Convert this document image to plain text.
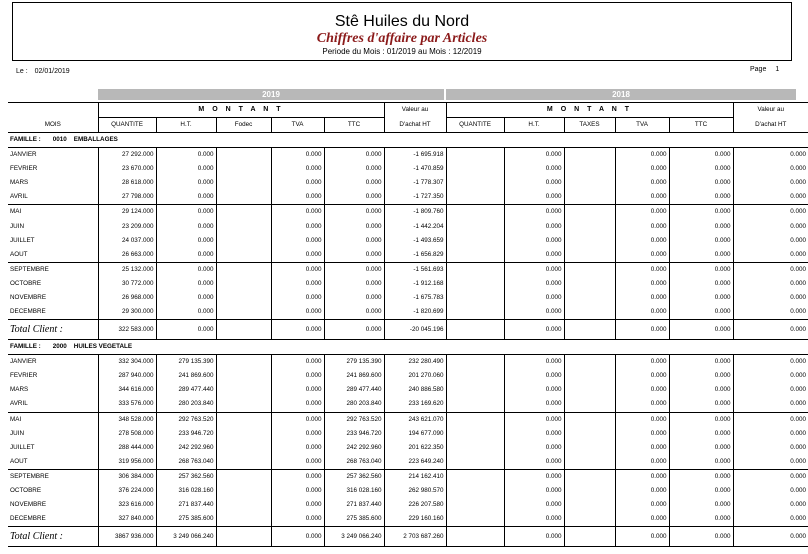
Stê Huiles du Nord
Chiffres d'affaire par Articles
Periode du Mois : 01/2019 au Mois : 12/2019
Le : 02/01/2019	Page 1
2019	2018
	M O N T A N T					Valeur au	M O N T A N T					Valeur au
MOIS	QUANTITE	H.T.	Fodec	TVA	TTC	D'achat HT	QUANTITE	H.T.	TAXES	TVA	TTC	D'achat HT
FAMILLE : 0010 EMBALLAGES												
JANVIER	27 292.000	0.000		0.000	0.000	-1 695.918		0.000		0.000	0.000	0.000
FEVRIER	23 670.000	0.000		0.000	0.000	-1 470.859		0.000		0.000	0.000	0.000
MARS	28 618.000	0.000		0.000	0.000	-1 778.307		0.000		0.000	0.000	0.000
AVRIL	27 798.000	0.000		0.000	0.000	-1 727.350		0.000		0.000	0.000	0.000
MAI	29 124.000	0.000		0.000	0.000	-1 809.760		0.000		0.000	0.000	0.000
JUIN	23 209.000	0.000		0.000	0.000	-1 442.204		0.000		0.000	0.000	0.000
JUILLET	24 037.000	0.000		0.000	0.000	-1 493.659		0.000		0.000	0.000	0.000
AOUT	26 663.000	0.000		0.000	0.000	-1 656.829		0.000		0.000	0.000	0.000
SEPTEMBRE	25 132.000	0.000		0.000	0.000	-1 561.693		0.000		0.000	0.000	0.000
OCTOBRE	30 772.000	0.000		0.000	0.000	-1 912.168		0.000		0.000	0.000	0.000
NOVEMBRE	26 968.000	0.000		0.000	0.000	-1 675.783		0.000		0.000	0.000	0.000
DECEMBRE	29 300.000	0.000		0.000	0.000	-1 820.699		0.000		0.000	0.000	0.000
Total Client :	322 583.000	0.000		0.000	0.000	-20 045.196		0.000		0.000	0.000	0.000
FAMILLE : 2000 HUILES VEGETALE												
JANVIER	332 304.000	279 135.390		0.000	279 135.390	232 280.490		0.000		0.000	0.000	0.000
FEVRIER	287 940.000	241 869.600		0.000	241 869.600	201 270.060		0.000		0.000	0.000	0.000
MARS	344 616.000	289 477.440		0.000	289 477.440	240 886.580		0.000		0.000	0.000	0.000
AVRIL	333 576.000	280 203.840		0.000	280 203.840	233 169.620		0.000		0.000	0.000	0.000
MAI	348 528.000	292 763.520		0.000	292 763.520	243 621.070		0.000		0.000	0.000	0.000
JUIN	278 508.000	233 946.720		0.000	233 946.720	194 677.090		0.000		0.000	0.000	0.000
JUILLET	288 444.000	242 292.960		0.000	242 292.960	201 622.350		0.000		0.000	0.000	0.000
AOUT	319 956.000	268 763.040		0.000	268 763.040	223 649.240		0.000		0.000	0.000	0.000
SEPTEMBRE	306 384.000	257 362.560		0.000	257 362.560	214 162.410		0.000		0.000	0.000	0.000
OCTOBRE	376 224.000	316 028.160		0.000	316 028.160	262 980.570		0.000		0.000	0.000	0.000
NOVEMBRE	323 616.000	271 837.440		0.000	271 837.440	226 207.580		0.000		0.000	0.000	0.000
DECEMBRE	327 840.000	275 385.600		0.000	275 385.600	229 160.160		0.000		0.000	0.000	0.000
Total Client :	3867 936.000	3 249 066.240		0.000	3 249 066.240	2 703 687.260		0.000		0.000	0.000	0.000
